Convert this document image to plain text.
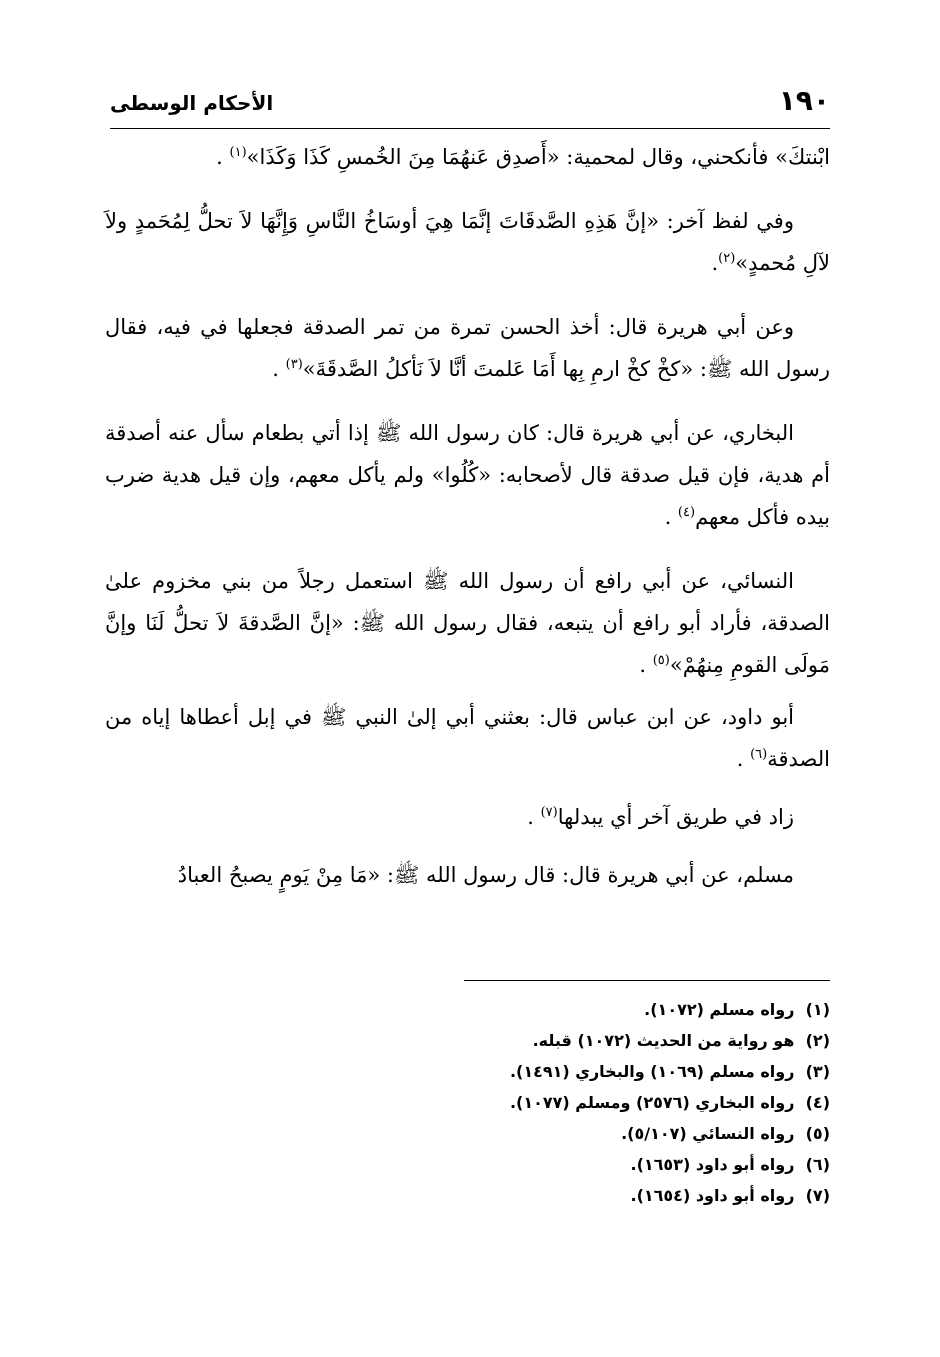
١٩٠
الأحكام الوسطى

ابْنتكَ» فأنكحني، وقال لمحمية: «أَصدِق عَنهُمَا مِنَ الخُمسِ كَذَا وَكَذَا»$^{(١)}$ .

وفي لفظ آخر: «إنَّ هَذِهِ الصَّدقَاتَ إنَّمَا هِيَ أوسَاخُ النَّاسِ وَإِنَّهَا لاَ تحلُّ لِمُحَمدٍ ولاَ لآلِ مُحمدٍ»$^{(٢)}$.

وعن أبي هريرة قال: أخذ الحسن تمرة من تمر الصدقة فجعلها في فيه، فقال رسول الله ﷺ: «كخْ كخْ ارمِ بِها أَمَا عَلمتَ أنَّا لاَ نَأكلُ الصَّدقَةَ»$^{(٣)}$ .

البخاري، عن أبي هريرة قال: كان رسول الله ﷺ إذا أتي بطعام سأل عنه أصدقة أم هدية، فإن قيل صدقة قال لأصحابه: «كُلُوا» ولم يأكل معهم، وإن قيل هدية ضرب بيده فأكل معهم$^{(٤)}$ .

النسائي، عن أبي رافع أن رسول الله ﷺ استعمل رجلاً من بني مخزوم علىٰ الصدقة، فأراد أبو رافع أن يتبعه، فقال رسول الله ﷺ: «إنَّ الصَّدقةَ لاَ تحلُّ لَنَا وإنَّ مَولَى القومِ مِنهُمْ»$^{(٥)}$ .

أبو داود، عن ابن عباس قال: بعثني أبي إلىٰ النبي ﷺ في إبل أعطاها إياه من الصدقة$^{(٦)}$ .

زاد في طريق آخر أي يبدلها$^{(٧)}$ .

مسلم، عن أبي هريرة قال: قال رسول الله ﷺ: «مَا مِنْ يَومٍ يصبحُ العبادُ

(١) رواه مسلم (١٠٧٢).
(٢) هو رواية من الحديث (١٠٧٢) قبله.
(٣) رواه مسلم (١٠٦٩) والبخاري (١٤٩١).
(٤) رواه البخاري (٢٥٧٦) ومسلم (١٠٧٧).
(٥) رواه النسائي (٥/١٠٧).
(٦) رواه أبو داود (١٦٥٣).
(٧) رواه أبو داود (١٦٥٤).
